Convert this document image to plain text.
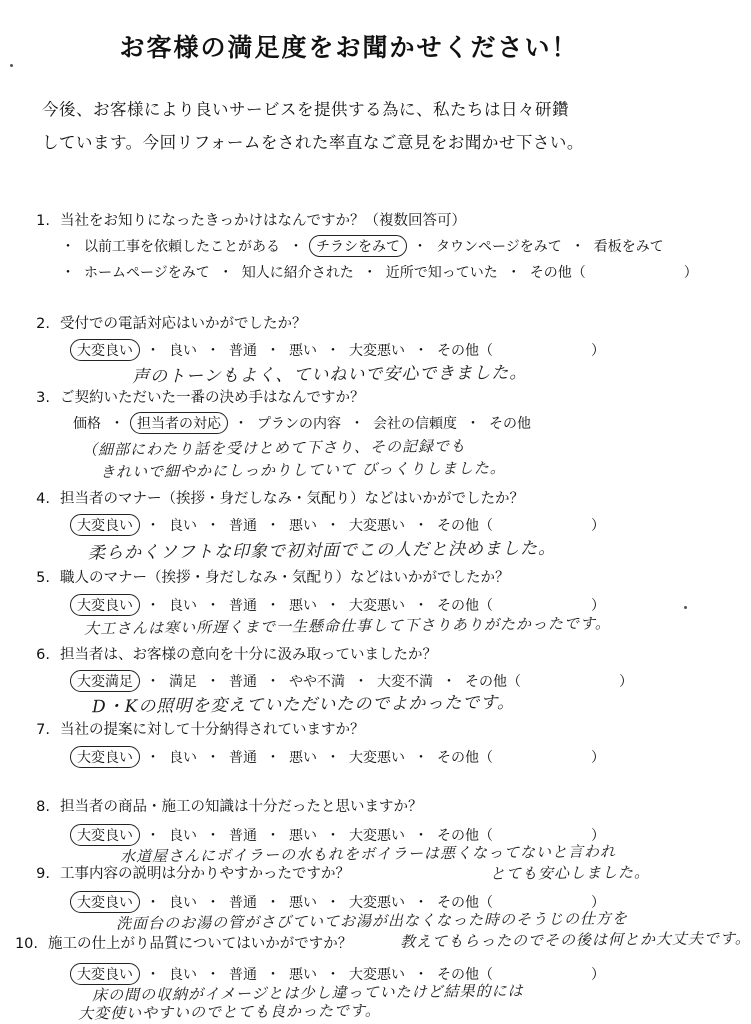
お客様の満足度をお聞かせください！
今後、お客様により良いサービスを提供する為に、私たちは日々研鑽
しています。今回リフォームをされた率直なご意見をお聞かせ下さい。
1. 当社をお知りになったきっかけはなんですか？（複数回答可）
・ 以前工事を依頼したことがある ・ チラシをみて ・ タウンページをみて ・ 看板をみて
・ ホームページをみて ・ 知人に紹介された ・ 近所で知っていた ・ その他（	）
2. 受付での電話対応はいかがでしたか？
大変良い ・ 良い ・ 普通 ・ 悪い ・ 大変悪い ・ その他（	）
声のトーンもよく、ていねいで安心できました。
3. ご契約いただいた一番の決め手はなんですか？
価格 ・ 担当者の対応 ・ プランの内容 ・ 会社の信頼度 ・ その他
（細部にわたり話を受けとめて下さり、その記録でも
きれいで細やかにしっかりしていて びっくりしました。
4. 担当者のマナー（挨拶・身だしなみ・気配り）などはいかがでしたか？
大変良い ・ 良い ・ 普通 ・ 悪い ・ 大変悪い ・ その他（	）
柔らかくソフトな印象で初対面でこの人だと決めました。
5. 職人のマナー（挨拶・身だしなみ・気配り）などはいかがでしたか？
大変良い ・ 良い ・ 普通 ・ 悪い ・ 大変悪い ・ その他（	）
大工さんは寒い所遅くまで一生懸命仕事して下さりありがたかったです。
6. 担当者は、お客様の意向を十分に汲み取っていましたか？
大変満足 ・ 満足 ・ 普通 ・ やや不満 ・ 大変不満 ・ その他（	）
D・Kの照明を変えていただいたのでよかったです。
7. 当社の提案に対して十分納得されていますか？
大変良い ・ 良い ・ 普通 ・ 悪い ・ 大変悪い ・ その他（	）
8. 担当者の商品・施工の知識は十分だったと思いますか？
大変良い ・ 良い ・ 普通 ・ 悪い ・ 大変悪い ・ その他（	）
水道屋さんにボイラーの水もれをボイラーは悪くなってないと言われ
とても安心しました。
9. 工事内容の説明は分かりやすかったですか？
大変良い ・ 良い ・ 普通 ・ 悪い ・ 大変悪い ・ その他（	）
洗面台のお湯の管がさびていてお湯が出なくなった時のそうじの仕方を
教えてもらったのでその後は何とか大丈夫です。
10. 施工の仕上がり品質についてはいかがですか？
大変良い ・ 良い ・ 普通 ・ 悪い ・ 大変悪い ・ その他（	）
床の間の収納がイメージとは少し違っていたけど結果的には
大変使いやすいのでとても良かったです。
